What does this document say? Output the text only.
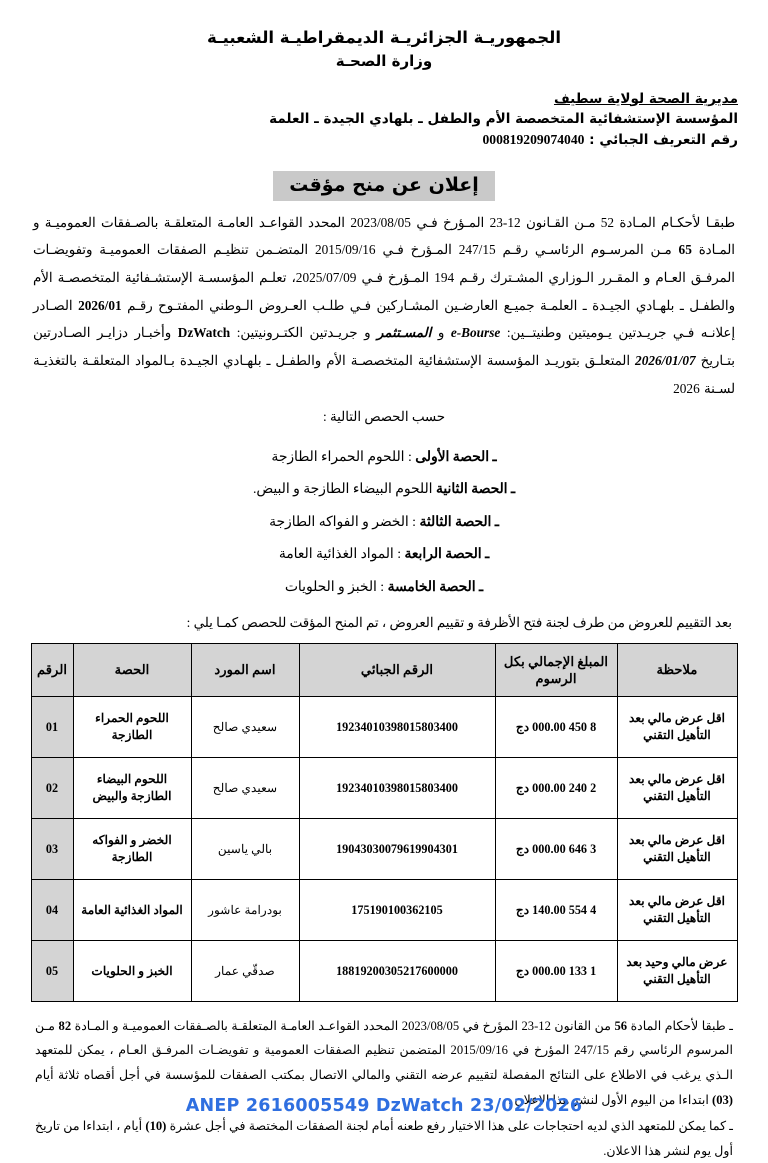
الجمهوريـة الجزائريـة الديمقراطيـة الشعبيـة
وزارة الصحـة
مديرية الصحة لولاية سطيف
المؤسسة الإستشفائية المتخصصة الأم والطفل ـ بلهادي الجيدة ـ العلمة
رقم التعريف الجبائي : 000819209074040
إعلان عن منح مؤقت
طبقـا لأحكـام المـادة 52 مـن القـانون 12-23 المـؤرخ فـي 2023/08/05 المحدد القواعـد العامـة المتعلقـة بالصـفقات العموميـة و المـادة 65 مـن المرسـوم الرئاسـي رقـم 247/15 المـؤرخ فـي 2015/09/16 المتضـمن تنظيـم الصفقات العموميـة وتفويضـات المرفـق العـام و المقـرر الـوزاري المشـترك رقـم 194 المـؤرخ فـي 2025/07/09، تعلـم المؤسسـة الإستشـفائية المتخصصـة الأم والطفـل ـ بلهـادي الجيـدة ـ العلمـة جميـع العارضـين المشـاركين فـي طلـب العـروض الـوطني المفتـوح رقـم 2026/01 الصـادر إعلانـه فـي جريـدتين يـوميتين وطنيتــين: e-Bourse و المسـتثمر و جريـدتين الكتـرونيتين: DzWatch وأخبـار دزايـر الصـادرتين بتـاريخ 2026/01/07 المتعلـق بتوريـد المؤسسة الإستشفائية المتخصصـة الأم والطفـل ـ بلهـادي الجيـدة بـالمواد المتعلقـة بالتغذيـة لسـنة 2026
حسب الحصص التالية :
ـ الحصة الأولى : اللحوم الحمراء الطازجة
ـ الحصة الثانية اللحوم البيضاء الطازجة و البيض.
ـ الحصة الثالثة : الخضر و الفواكه الطازجة
ـ الحصة الرابعة : المواد الغذائية العامة
ـ الحصة الخامسة : الخبز و الحلويات
بعد التقييم للعروض من طرف لجنة فتح الأظرفة و تقييم العروض ، تم المنح المؤقت للحصص كمـا يلي :
ملاحظة	المبلغ الإجمالي بكل الرسوم	الرقم الجبائي	اسم المورد	الحصة	الرقم
اقل عرض مالي بعد التأهيل التقني	8 450 000.00 دج	19234010398015803400	سعيدي صالح	اللحوم الحمراء الطازجة	01
اقل عرض مالي بعد التأهيل التقني	2 240 000.00 دج	19234010398015803400	سعيدي صالح	اللحوم البيضاء الطازجة والبيض	02
اقل عرض مالي بعد التأهيل التقني	3 646 000.00 دج	19043030079619904301	بالي ياسين	الخضر و الفواكه الطازجة	03
اقل عرض مالي بعد التأهيل التقني	4 554 140.00 دج	175190100362105	بودرامة عاشور	المواد الغذائية العامة	04
عرض مالي وحيد بعد التأهيل التقني	1 133 000.00 دج	18819200305217600000	صدقّي عمار	الخبز و الحلويات	05
ـ طبقا لأحكام المادة 56 من القانون 12-23 المؤرخ في 2023/08/05 المحدد القواعـد العامـة المتعلقـة بالصـفقات العموميـة و المـادة 82 مـن المرسوم الرئاسي رقم 247/15 المؤرخ في 2015/09/16 المتضمن تنظيم الصفقات العمومية و تفويضـات المرفـق العـام ، يمكن للمتعهد الـذي يرغب في الاطلاع على النتائج المفصلة لتقييم عرضه التقني والمالي الاتصال بمكتب الصفقات للمؤسسة في أجل أقصاه ثلاثة أيام (03) ابتداءا من اليوم الأول لنشر هذا الإعلان .
ـ كما يمكن للمتعهد الذي لديه احتجاجات على هذا الاختيار رفع طعنه أمام لجنة الصفقات المختصة في أجل عشرة (10) أيام ، ابتداءا من تاريخ أول يوم لنشر هذا الاعلان.
ANEP 2616005549 DzWatch 23/02/2026
